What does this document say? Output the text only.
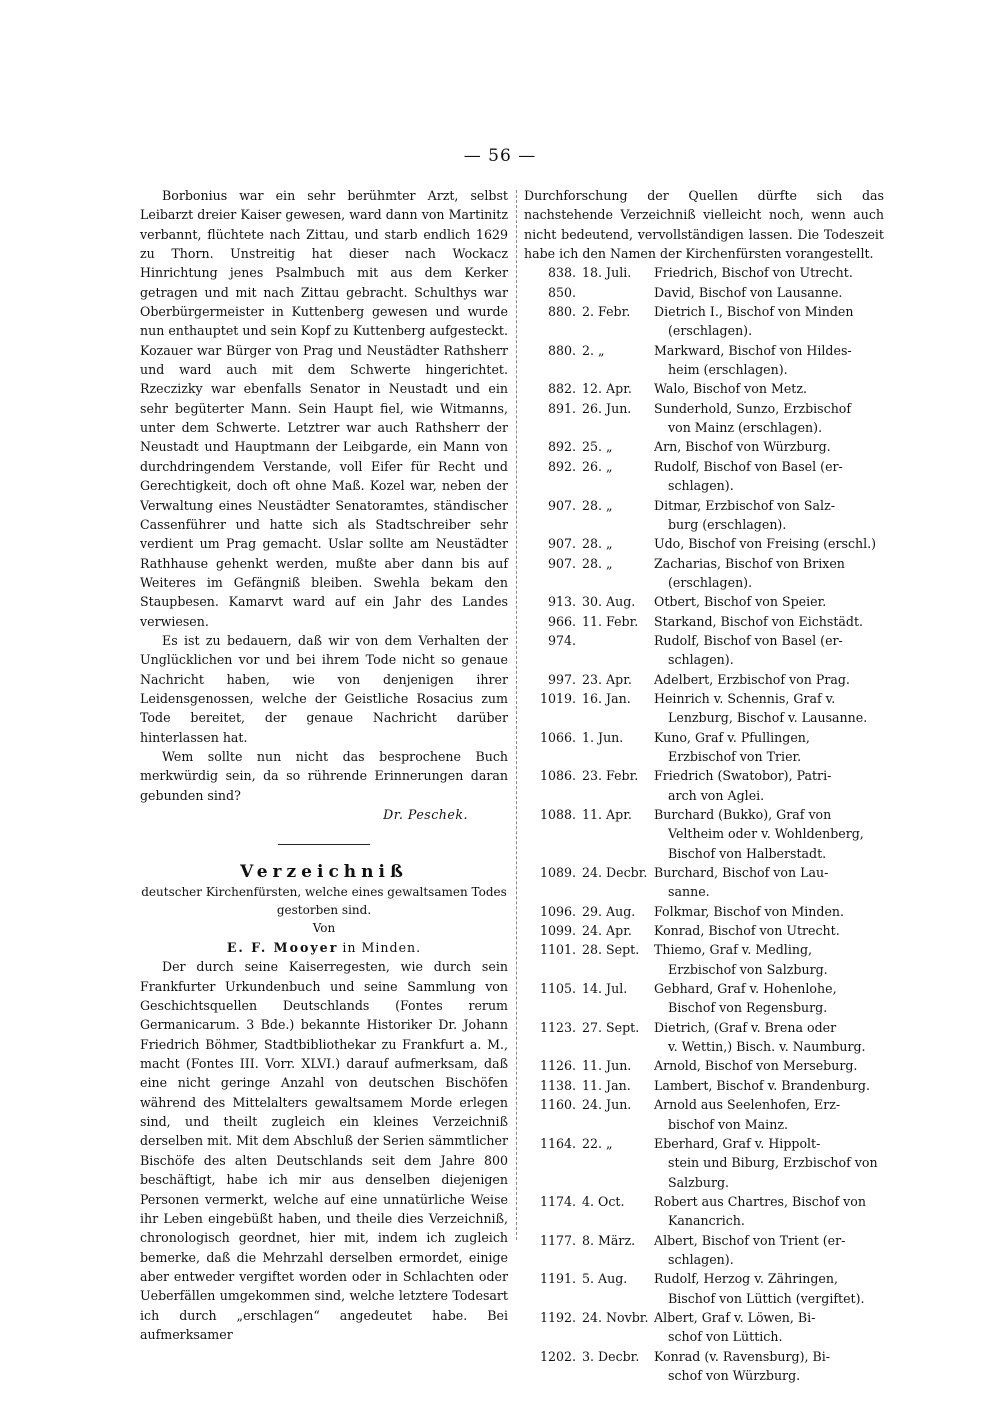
— 56 —

Borbonius war ein sehr berühmter Arzt, selbst Leibarzt dreier Kaiser gewesen, ward dann von Martinitz verbannt, flüchtete nach Zittau, und starb endlich 1629 zu Thorn. Unstreitig hat dieser nach Wockacz Hinrichtung jenes Psalmbuch mit aus dem Kerker getragen und mit nach Zittau gebracht. Schulthys war Oberbürgermeister in Kuttenberg gewesen und wurde nun enthauptet und sein Kopf zu Kuttenberg aufgesteckt. Kozauer war Bürger von Prag und Neustädter Rathsherr und ward auch mit dem Schwerte hingerichtet. Rzeczizky war ebenfalls Senator in Neustadt und ein sehr begüterter Mann. Sein Haupt fiel, wie Witmanns, unter dem Schwerte. Letztrer war auch Rathsherr der Neustadt und Hauptmann der Leibgarde, ein Mann von durchdringendem Verstande, voll Eifer für Recht und Gerechtigkeit, doch oft ohne Maß. Kozel war, neben der Verwaltung eines Neustädter Senatoramtes, ständischer Cassenführer und hatte sich als Stadtschreiber sehr verdient um Prag gemacht. Uslar sollte am Neustädter Rathhause gehenkt werden, mußte aber dann bis auf Weiteres im Gefängniß bleiben. Swehla bekam den Staupbesen. Kamarvt ward auf ein Jahr des Landes verwiesen.

Es ist zu bedauern, daß wir von dem Verhalten der Unglücklichen vor und bei ihrem Tode nicht so genaue Nachricht haben, wie von denjenigen ihrer Leidensgenossen, welche der Geistliche Rosacius zum Tode bereitet, der genaue Nachricht darüber hinterlassen hat.

Wem sollte nun nicht das besprochene Buch merkwürdig sein, da so rührende Erinnerungen daran gebunden sind?

Dr. Peschek.

Verzeichniß

deutscher Kirchenfürsten, welche eines gewaltsamen Todes gestorben sind.

Von

E. F. Mooyer in Minden.

Der durch seine Kaiserregesten, wie durch sein Frankfurter Urkundenbuch und seine Sammlung von Geschichtsquellen Deutschlands (Fontes rerum Germanicarum. 3 Bde.) bekannte Historiker Dr. Johann Friedrich Böhmer, Stadtbibliothekar zu Frankfurt a. M., macht (Fontes III. Vorr. XLVI.) darauf aufmerksam, daß eine nicht geringe Anzahl von deutschen Bischöfen während des Mittelalters gewaltsamem Morde erlegen sind, und theilt zugleich ein kleines Verzeichniß derselben mit. Mit dem Abschluß der Serien sämmtlicher Bischöfe des alten Deutschlands seit dem Jahre 800 beschäftigt, habe ich mir aus denselben diejenigen Personen vermerkt, welche auf eine unnatürliche Weise ihr Leben eingebüßt haben, und theile dies Verzeichniß, chronologisch geordnet, hier mit, indem ich zugleich bemerke, daß die Mehrzahl derselben ermordet, einige aber entweder vergiftet worden oder in Schlachten oder Ueberfällen umgekommen sind, welche letztere Todesart ich durch „erschlagen“ angedeutet habe. Bei aufmerksamer

Durchforschung der Quellen dürfte sich das nachstehende Verzeichniß vielleicht noch, wenn auch nicht bedeutend, vervollständigen lassen. Die Todeszeit habe ich den Namen der Kirchenfürsten vorangestellt.

838. 18. Juli.	Friedrich, Bischof von Utrecht.
850.	David, Bischof von Lausanne.
880. 2. Febr.	Dietrich I., Bischof von Minden
(erschlagen).
880. 2. „	Markward, Bischof von Hildes-
heim (erschlagen).
882. 12. Apr.	Walo, Bischof von Metz.
891. 26. Jun.	Sunderhold, Sunzo, Erzbischof
von Mainz (erschlagen).
892. 25. „	Arn, Bischof von Würzburg.
892. 26. „	Rudolf, Bischof von Basel (er-
schlagen).
907. 28. „	Ditmar, Erzbischof von Salz-
burg (erschlagen).
907. 28. „	Udo, Bischof von Freising (erschl.)
907. 28. „	Zacharias, Bischof von Brixen
(erschlagen).
913. 30. Aug.	Otbert, Bischof von Speier.
966. 11. Febr.	Starkand, Bischof von Eichstädt.
974.	Rudolf, Bischof von Basel (er-
schlagen).
997. 23. Apr.	Adelbert, Erzbischof von Prag.
1019. 16. Jan.	Heinrich v. Schennis, Graf v.
Lenzburg, Bischof v. Lausanne.
1066. 1. Jun.	Kuno, Graf v. Pfullingen,
Erzbischof von Trier.
1086. 23. Febr.	Friedrich (Swatobor), Patri-
arch von Aglei.
1088. 11. Apr.	Burchard (Bukko), Graf von
Veltheim oder v. Wohldenberg, Bischof von Halberstadt.
1089. 24. Decbr. Burchard, Bischof von Lau-
sanne.
1096. 29. Aug.	Folkmar, Bischof von Minden.
1099. 24. Apr.	Konrad, Bischof von Utrecht.
1101. 28. Sept.	Thiemo, Graf v. Medling,
Erzbischof von Salzburg.
1105. 14. Jul.	Gebhard, Graf v. Hohenlohe,
Bischof von Regensburg.
1123. 27. Sept.	Dietrich, (Graf v. Brena oder
v. Wettin,) Bisch. v. Naumburg.
1126. 11. Jun.	Arnold, Bischof von Merseburg.
1138. 11. Jan.	Lambert, Bischof v. Brandenburg.
1160. 24. Jun.	Arnold aus Seelenhofen, Erz-
bischof von Mainz.
1164. 22. „	Eberhard, Graf v. Hippolt-
stein und Biburg, Erzbischof von Salzburg.
1174. 4. Oct.	Robert aus Chartres, Bischof von
Kanancrich.
1177. 8. März.	Albert, Bischof von Trient (er-
schlagen).
1191. 5. Aug.	Rudolf, Herzog v. Zähringen,
Bischof von Lüttich (vergiftet).
1192. 24. Novbr. Albert, Graf v. Löwen, Bi-
schof von Lüttich.
1202. 3. Decbr.	Konrad (v. Ravensburg), Bi-
schof von Würzburg.
